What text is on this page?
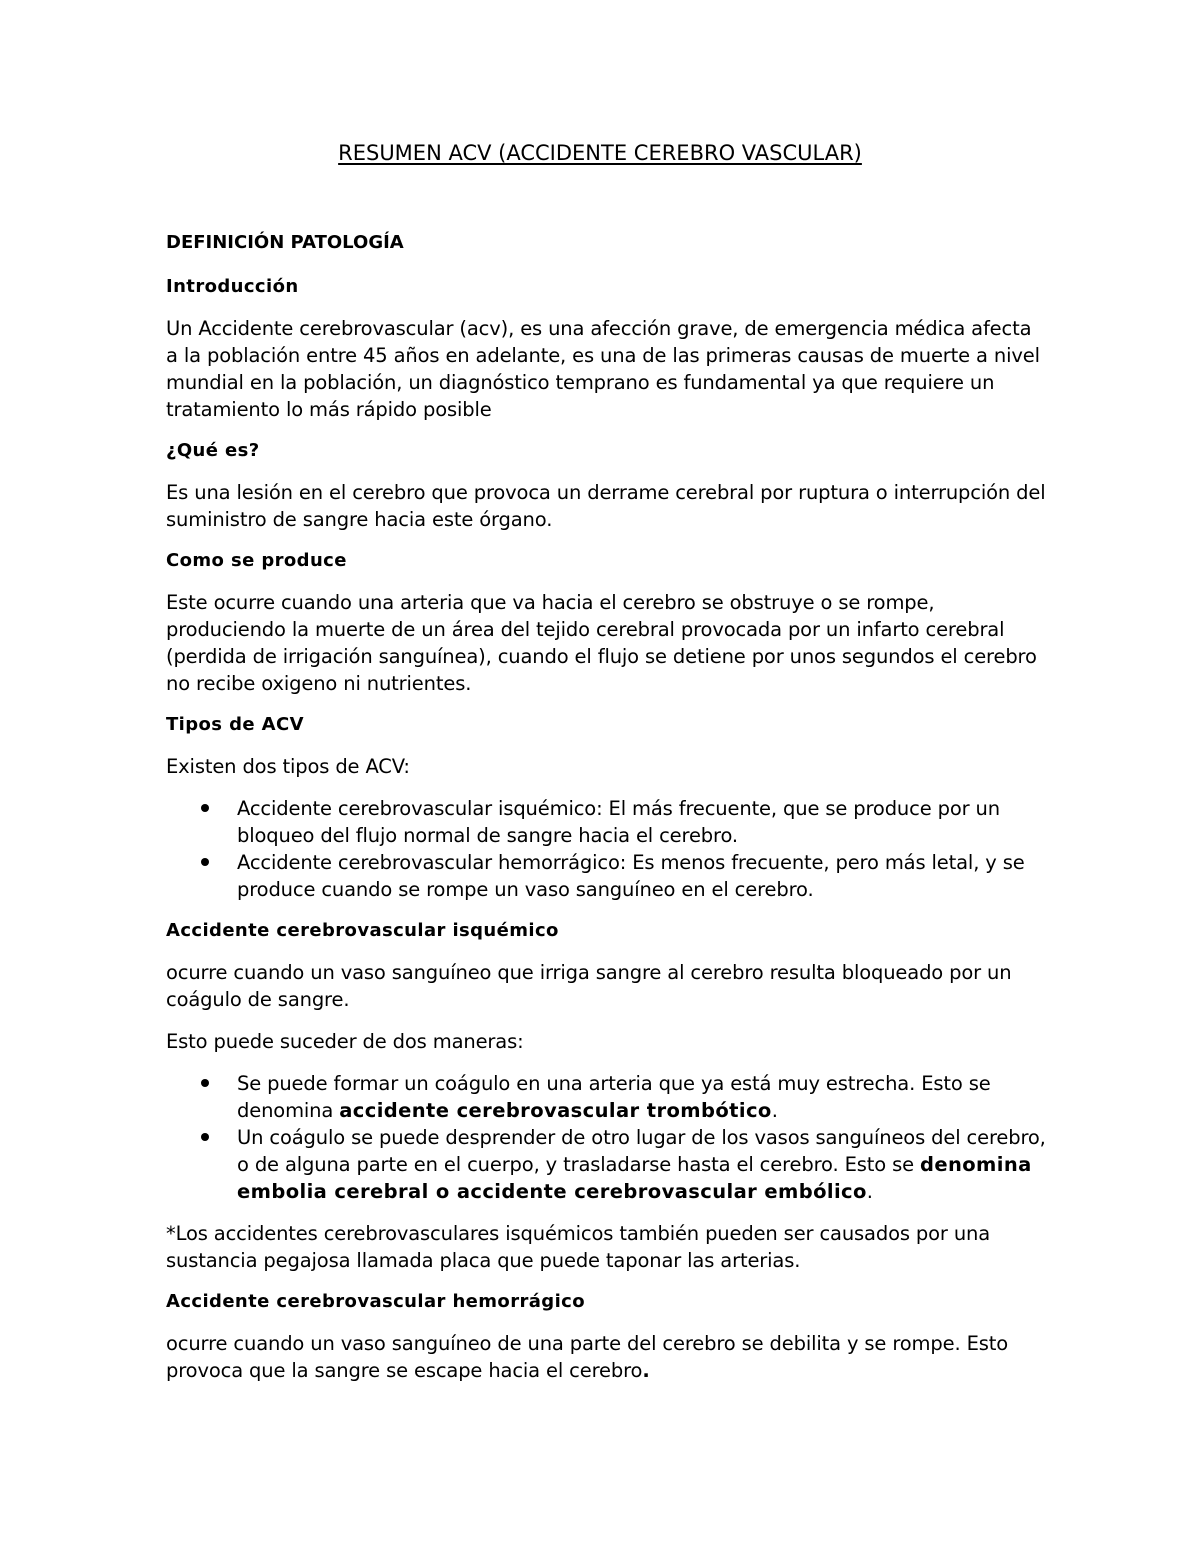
RESUMEN ACV (ACCIDENTE CEREBRO VASCULAR)
DEFINICIÓN PATOLOGÍA
Introducción

Un Accidente cerebrovascular (acv), es una afección grave, de emergencia médica afecta a la población entre 45 años en adelante, es una de las primeras causas de muerte a nivel mundial en la población, un diagnóstico temprano es fundamental ya que requiere un tratamiento lo más rápido posible

¿Qué es?

Es una lesión en el cerebro que provoca un derrame cerebral por ruptura o interrupción del suministro de sangre hacia este órgano.

Como se produce

Este ocurre cuando una arteria que va hacia el cerebro se obstruye o se rompe, produciendo la muerte de un área del tejido cerebral provocada por un infarto cerebral (perdida de irrigación sanguínea), cuando el flujo se detiene por unos segundos el cerebro no recibe oxigeno ni nutrientes.

Tipos de ACV

Existen dos tipos de ACV:

Accidente cerebrovascular isquémico: El más frecuente, que se produce por un bloqueo del flujo normal de sangre hacia el cerebro.
Accidente cerebrovascular hemorrágico: Es menos frecuente, pero más letal, y se produce cuando se rompe un vaso sanguíneo en el cerebro.
Accidente cerebrovascular isquémico

ocurre cuando un vaso sanguíneo que irriga sangre al cerebro resulta bloqueado por un coágulo de sangre.

Esto puede suceder de dos maneras:

Se puede formar un coágulo en una arteria que ya está muy estrecha. Esto se denomina accidente cerebrovascular trombótico.
Un coágulo se puede desprender de otro lugar de los vasos sanguíneos del cerebro, o de alguna parte en el cuerpo, y trasladarse hasta el cerebro. Esto se denomina embolia cerebral o accidente cerebrovascular embólico.

*Los accidentes cerebrovasculares isquémicos también pueden ser causados por una sustancia pegajosa llamada placa que puede taponar las arterias.

Accidente cerebrovascular hemorrágico

ocurre cuando un vaso sanguíneo de una parte del cerebro se debilita y se rompe. Esto provoca que la sangre se escape hacia el cerebro.
